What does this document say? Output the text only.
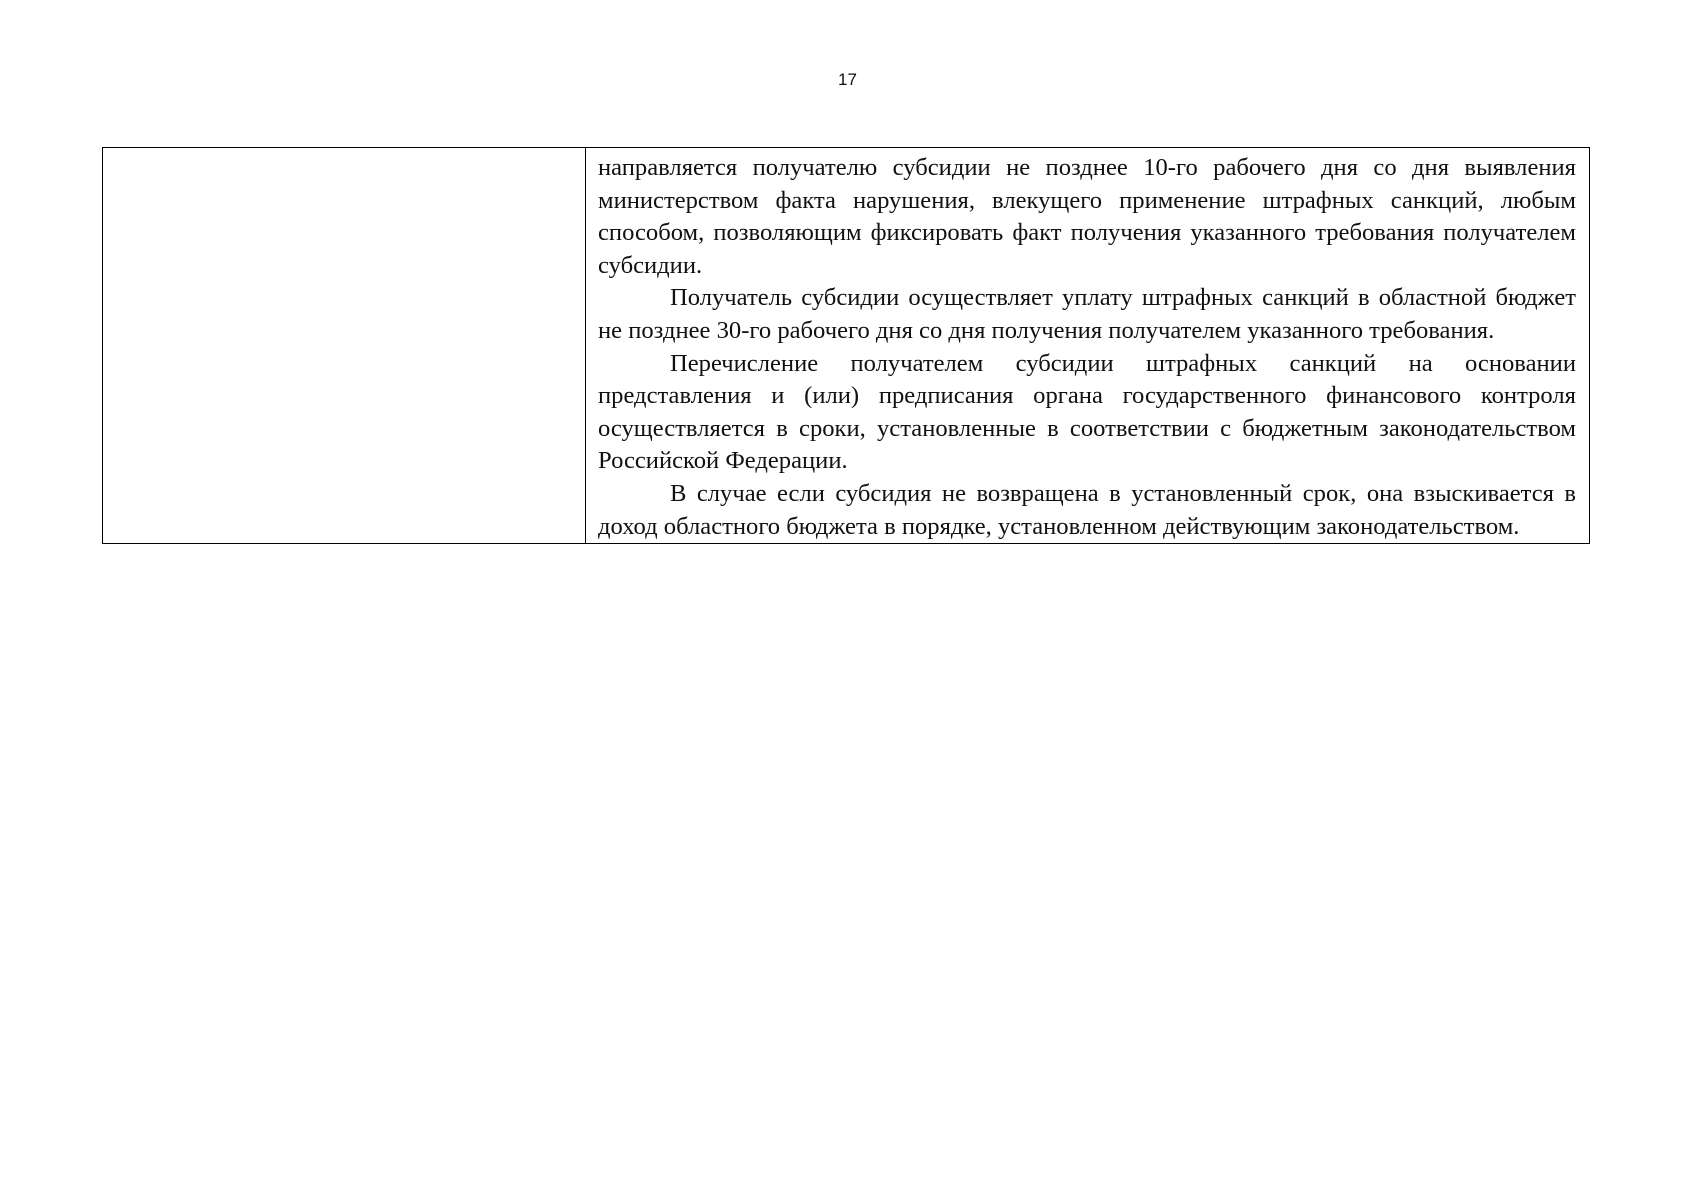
17

направляется получателю субсидии не позднее 10-го рабочего дня со дня выявления министерством факта нарушения, влекущего применение штрафных санкций, любым способом, позволяющим фиксировать факт получения указанного требования получателем субсидии.

Получатель субсидии осуществляет уплату штрафных санкций в областной бюджет не позднее 30-го рабочего дня со дня получения получателем указанного требования.

Перечисление получателем субсидии штрафных санкций на основании представления и (или) предписания органа государственного финансового контроля осуществляется в сроки, установленные в соответствии с бюджетным законодательством Российской Федерации.

В случае если субсидия не возвращена в установленный срок, она взыскивается в доход областного бюджета в порядке, установленном действующим законодательством.
